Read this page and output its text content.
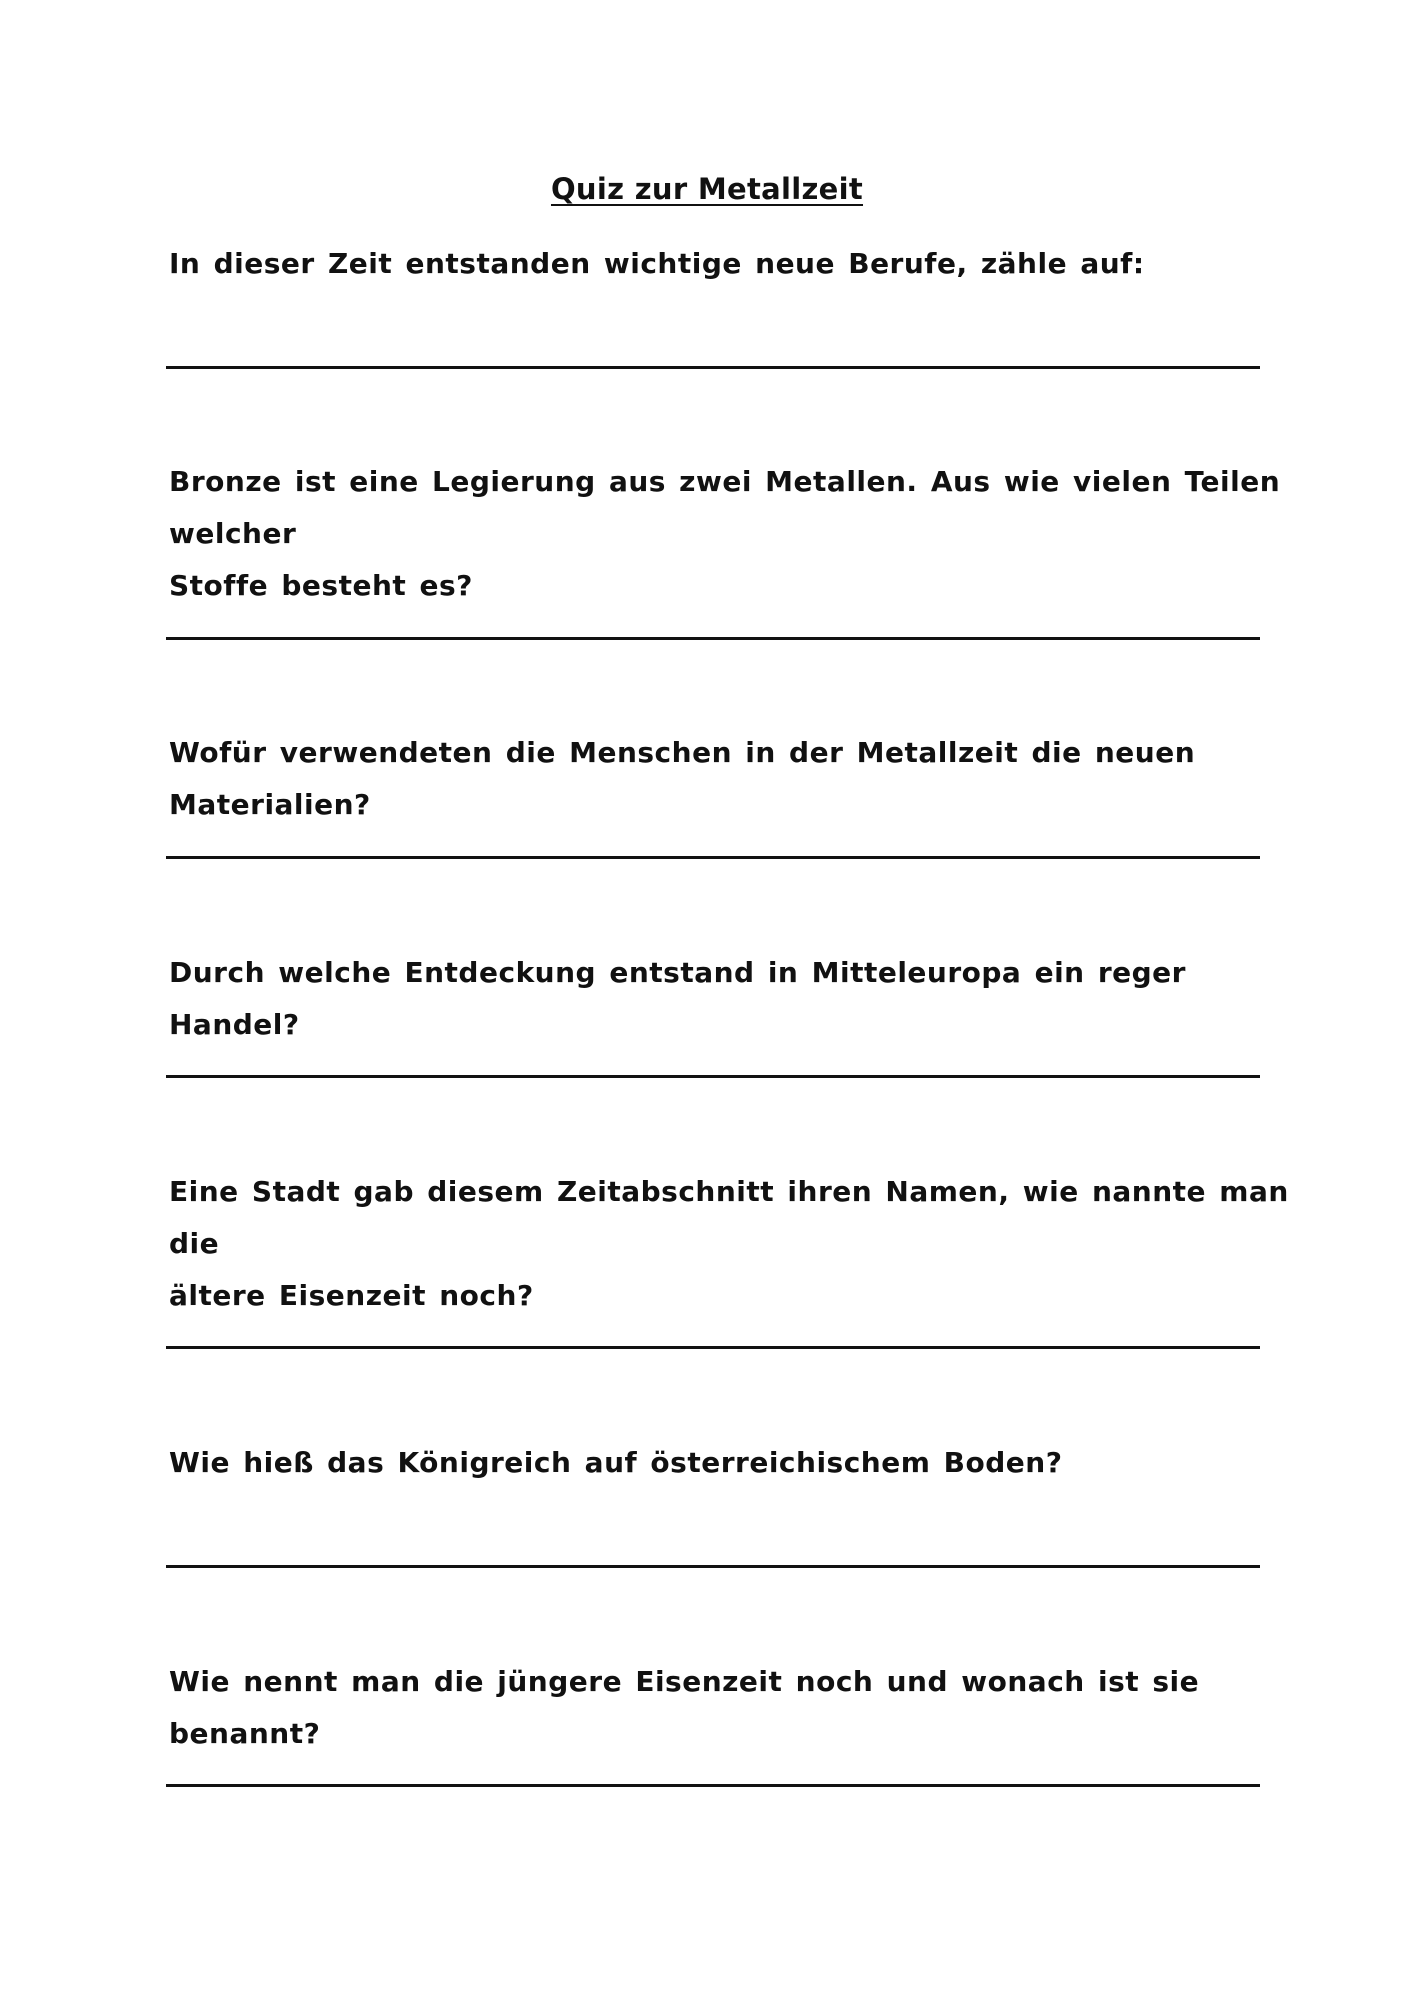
Quiz zur Metallzeit
In dieser Zeit entstanden wichtige neue Berufe, zähle auf:
Bronze ist eine Legierung aus zwei Metallen. Aus wie vielen Teilen welcher
Stoffe besteht es?
Wofür verwendeten die Menschen in der Metallzeit die neuen Materialien?
Durch welche Entdeckung entstand in Mitteleuropa ein reger Handel?
Eine Stadt gab diesem Zeitabschnitt ihren Namen, wie nannte man die
ältere Eisenzeit noch?
Wie hieß das Königreich auf österreichischem Boden?
Wie nennt man die jüngere Eisenzeit noch und wonach ist sie benannt?
